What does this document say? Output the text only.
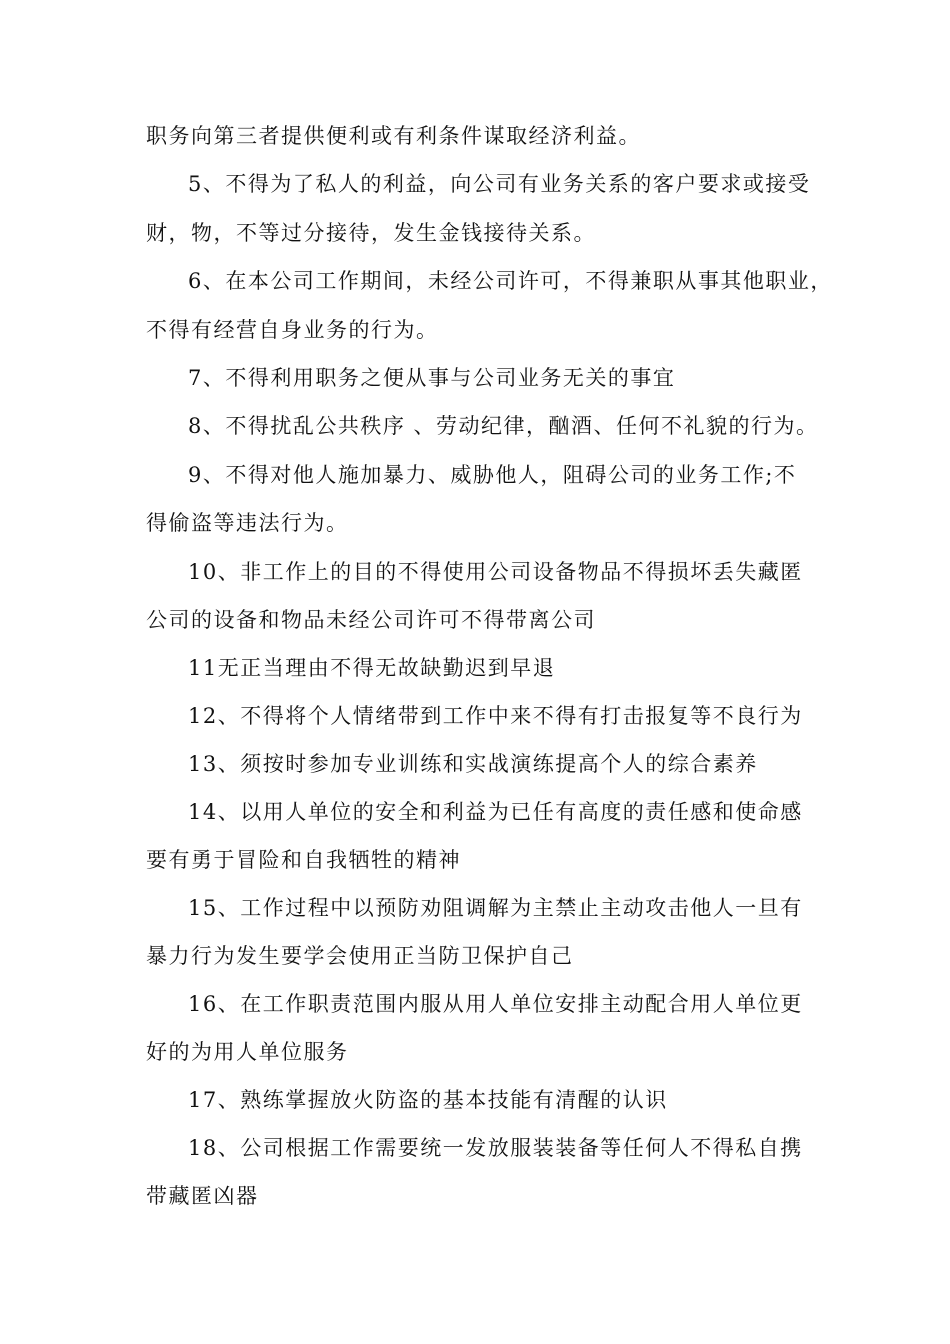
职务向第三者提供便利或有利条件谋取经济利益。
5、不得为了私人的利益，向公司有业务关系的客户要求或接受
财，物，不等过分接待，发生金钱接待关系。
6、在本公司工作期间，未经公司许可，不得兼职从事其他职业，
不得有经营自身业务的行为。
7、不得利用职务之便从事与公司业务无关的事宜
8、不得扰乱公共秩序 、劳动纪律，酗酒、任何不礼貌的行为。
9、不得对他人施加暴力、威胁他人，阻碍公司的业务工作;不
得偷盗等违法行为。
10、非工作上的目的不得使用公司设备物品不得损坏丢失藏匿
公司的设备和物品未经公司许可不得带离公司
11无正当理由不得无故缺勤迟到早退
12、不得将个人情绪带到工作中来不得有打击报复等不良行为
13、须按时参加专业训练和实战演练提高个人的综合素养
14、以用人单位的安全和利益为已任有高度的责任感和使命感
要有勇于冒险和自我牺牲的精神
15、工作过程中以预防劝阻调解为主禁止主动攻击他人一旦有
暴力行为发生要学会使用正当防卫保护自己
16、在工作职责范围内服从用人单位安排主动配合用人单位更
好的为用人单位服务
17、熟练掌握放火防盗的基本技能有清醒的认识
18、公司根据工作需要统一发放服装装备等任何人不得私自携
带藏匿凶器
